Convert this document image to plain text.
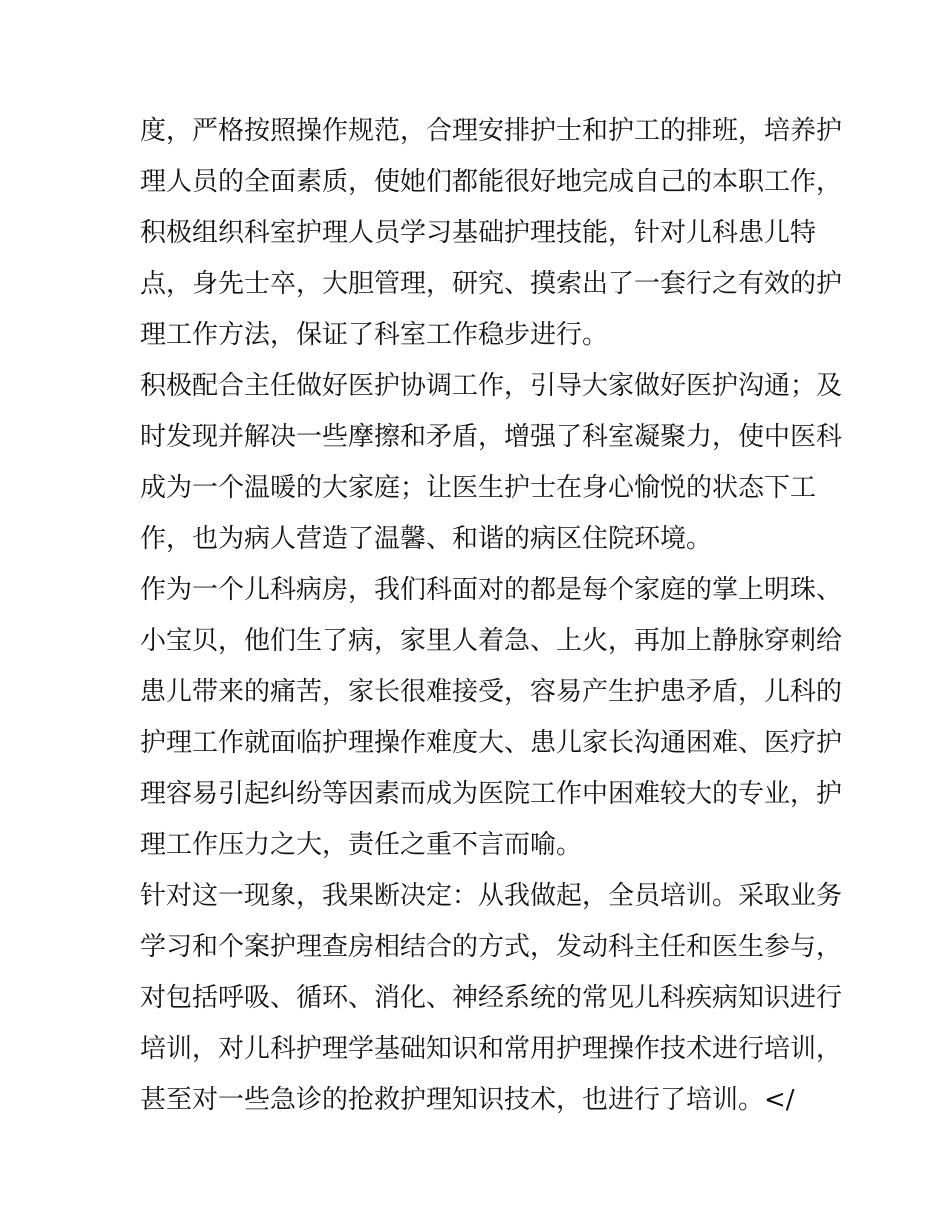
度，严格按照操作规范，合理安排护士和护工的排班，培养护
理人员的全面素质，使她们都能很好地完成自己的本职工作，
积极组织科室护理人员学习基础护理技能，针对儿科患儿特
点，身先士卒，大胆管理，研究、摸索出了一套行之有效的护
理工作方法，保证了科室工作稳步进行。
积极配合主任做好医护协调工作，引导大家做好医护沟通；及
时发现并解决一些摩擦和矛盾，增强了科室凝聚力，使中医科
成为一个温暖的大家庭；让医生护士在身心愉悦的状态下工
作，也为病人营造了温馨、和谐的病区住院环境。
作为一个儿科病房，我们科面对的都是每个家庭的掌上明珠、
小宝贝，他们生了病，家里人着急、上火，再加上静脉穿刺给
患儿带来的痛苦，家长很难接受，容易产生护患矛盾，儿科的
护理工作就面临护理操作难度大、患儿家长沟通困难、医疗护
理容易引起纠纷等因素而成为医院工作中困难较大的专业，护
理工作压力之大，责任之重不言而喻。
针对这一现象，我果断决定：从我做起，全员培训。采取业务
学习和个案护理查房相结合的方式，发动科主任和医生参与，
对包括呼吸、循环、消化、神经系统的常见儿科疾病知识进行
培训，对儿科护理学基础知识和常用护理操作技术进行培训，
甚至对一些急诊的抢救护理知识技术，也进行了培训。</
